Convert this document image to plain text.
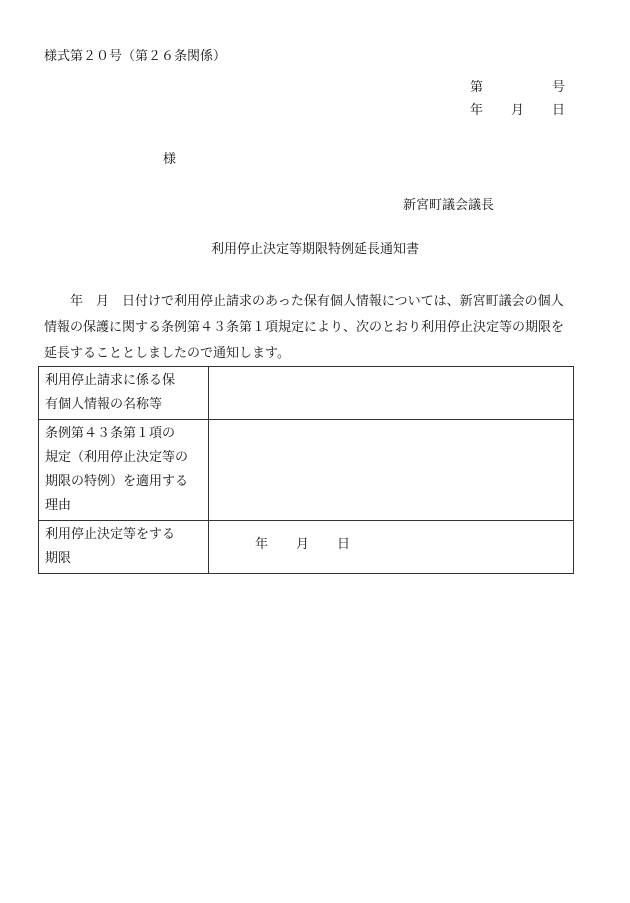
様式第２０号（第２６条関係）
第	号
年 月 日
様
新宮町議会議長
利用停止決定等期限特例延長通知書
　　年　月　日付けで利用停止請求のあった保有個人情報については、新宮町議会の個人
情報の保護に関する条例第４３条第１項規定により、次のとおり利用停止決定等の期限を
延長することとしましたので通知します。
利用停止請求に係る保
有個人情報の名称等	

条例第４３条第１項の
規定（利用停止決定等の
期限の特例）を適用する
理由	

利用停止決定等をする
期限	年 月 日
